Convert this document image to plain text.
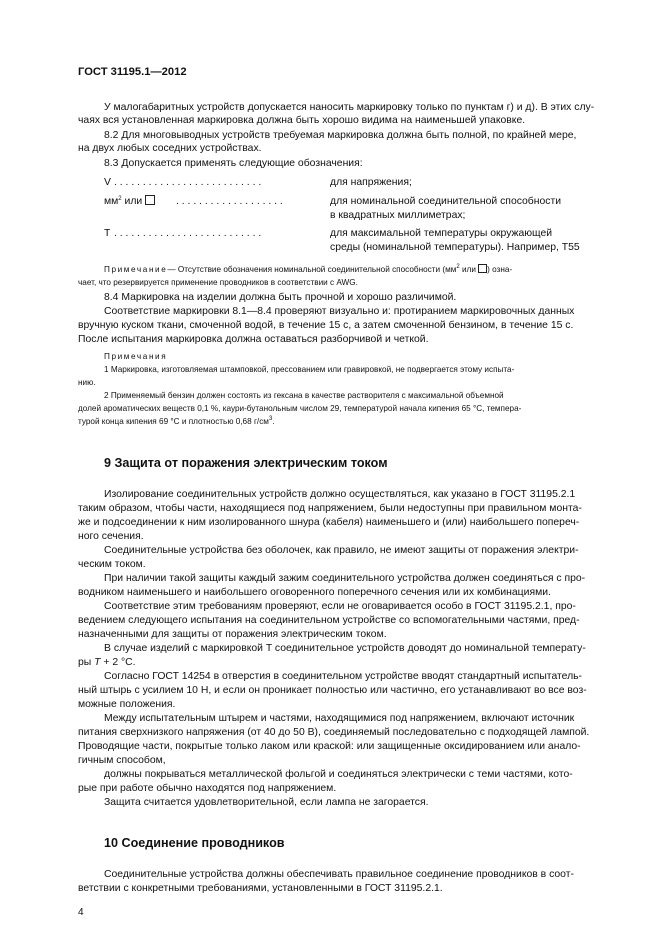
ГОСТ 31195.1—2012
У малогабаритных устройств допускается наносить маркировку только по пунктам г) и д). В этих слу-
чаях вся установленная маркировка должна быть хорошо видима на наименьшей упаковке.
8.2 Для многовыводных устройств требуемая маркировка должна быть полной, по крайней мере,
на двух любых соседних устройствах.
8.3 Допускается применять следующие обозначения:
V . . . . . . . . . . . . . . . . . . . . . . . . . .	для напряжения;
$мм^2$ или	. . . . . . . . . . . . . . . . . . .	для номинальной соединительной способности
в квадратных миллиметрах;
T . . . . . . . . . . . . . . . . . . . . . . . . . .	для максимальной температуры окружающей
среды (номинальной температуры). Например, T55
Примечание— Отсутствие обозначения номинальной соединительной способности ($мм^2$ или ) озна-
чает, что резервируется применение проводников в соответствии с AWG.
8.4 Маркировка на изделии должна быть прочной и хорошо различимой.
Соответствие маркировки 8.1—8.4 проверяют визуально и: протиранием маркировочных данных
вручную куском ткани, смоченной водой, в течение 15 с, а затем смоченной бензином, в течение 15 с.
После испытания маркировка должна оставаться разборчивой и четкой.
Примечания
1 Маркировка, изготовляемая штамповкой, прессованием или гравировкой, не подвергается этому испыта-
нию.
2 Применяемый бензин должен состоять из гексана в качестве растворителя с максимальной объемной
долей ароматических веществ 0,1 %, каури-бутанольным числом 29, температурой начала кипения 65 °С, темпера-
турой конца кипения 69 °С и плотностью 0,68 $г/см^3$.
9 Защита от поражения электрическим током
Изолирование соединительных устройств должно осуществляться, как указано в ГОСТ 31195.2.1
таким образом, чтобы части, находящиеся под напряжением, были недоступны при правильном монта-
же и подсоединении к ним изолированного шнура (кабеля) наименьшего и (или) наибольшего попереч-
ного сечения.
Соединительные устройства без оболочек, как правило, не имеют защиты от поражения электри-
ческим током.
При наличии такой защиты каждый зажим соединительного устройства должен соединяться с про-
водником наименьшего и наибольшего оговоренного поперечного сечения или их комбинациями.
Соответствие этим требованиям проверяют, если не оговаривается особо в ГОСТ 31195.2.1, про-
ведением следующего испытания на соединительном устройстве со вспомогательными частями, пред-
назначенными для защиты от поражения электрическим током.
В случае изделий с маркировкой T соединительное устройств доводят до номинальной температу-
ры T + 2 °С.
Согласно ГОСТ 14254 в отверстия в соединительном устройстве вводят стандартный испытатель-
ный штырь с усилием 10 Н, и если он проникает полностью или частично, его устанавливают во все воз-
можные положения.
Между испытательным штырем и частями, находящимися под напряжением, включают источник
питания сверхнизкого напряжения (от 40 до 50 В), соединяемый последовательно с подходящей лампой.
Проводящие части, покрытые только лаком или краской: или защищенные оксидированием или анало-
гичным способом,
должны покрываться металлической фольгой и соединяться электрически с теми частями, кото-
рые при работе обычно находятся под напряжением.
Защита считается удовлетворительной, если лампа не загорается.
10 Соединение проводников
Соединительные устройства должны обеспечивать правильное соединение проводников в соот-
ветствии с конкретными требованиями, установленными в ГОСТ 31195.2.1.
4
